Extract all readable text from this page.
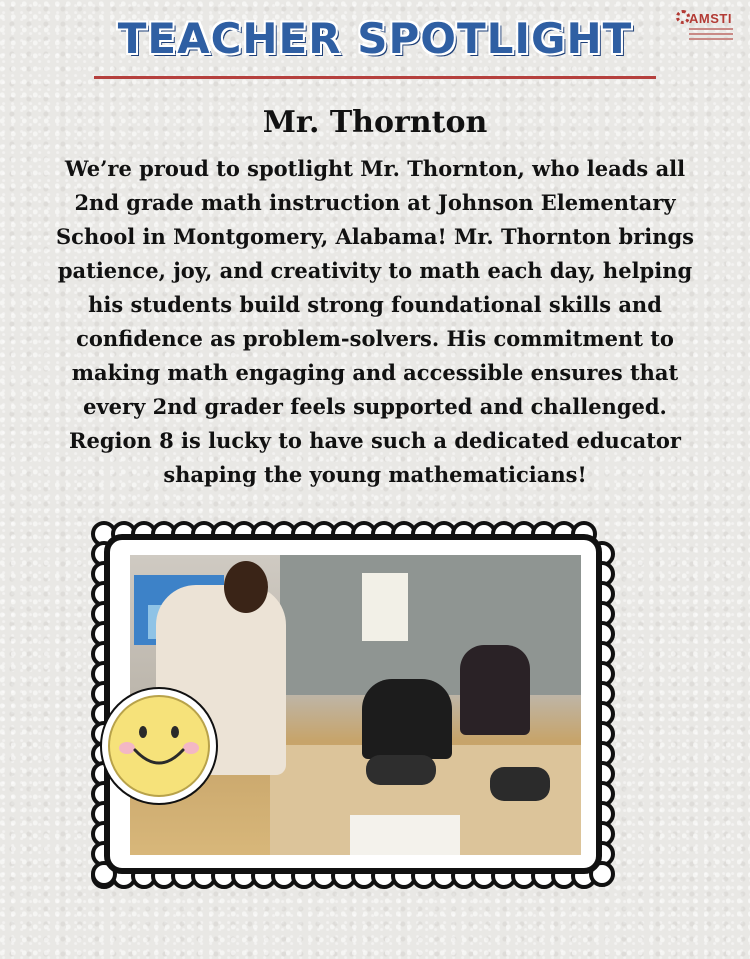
TEACHER SPOTLIGHT	AMSTI
Mr. Thornton
We’re proud to spotlight Mr. Thornton, who leads all 2nd grade math instruction at Johnson Elementary School in Montgomery, Alabama! Mr. Thornton brings patience, joy, and creativity to math each day, helping his students build strong foundational skills and confidence as problem-solvers. His commitment to making math engaging and accessible ensures that every 2nd grader feels supported and challenged. Region 8 is lucky to have such a dedicated educator shaping the young mathematicians!
